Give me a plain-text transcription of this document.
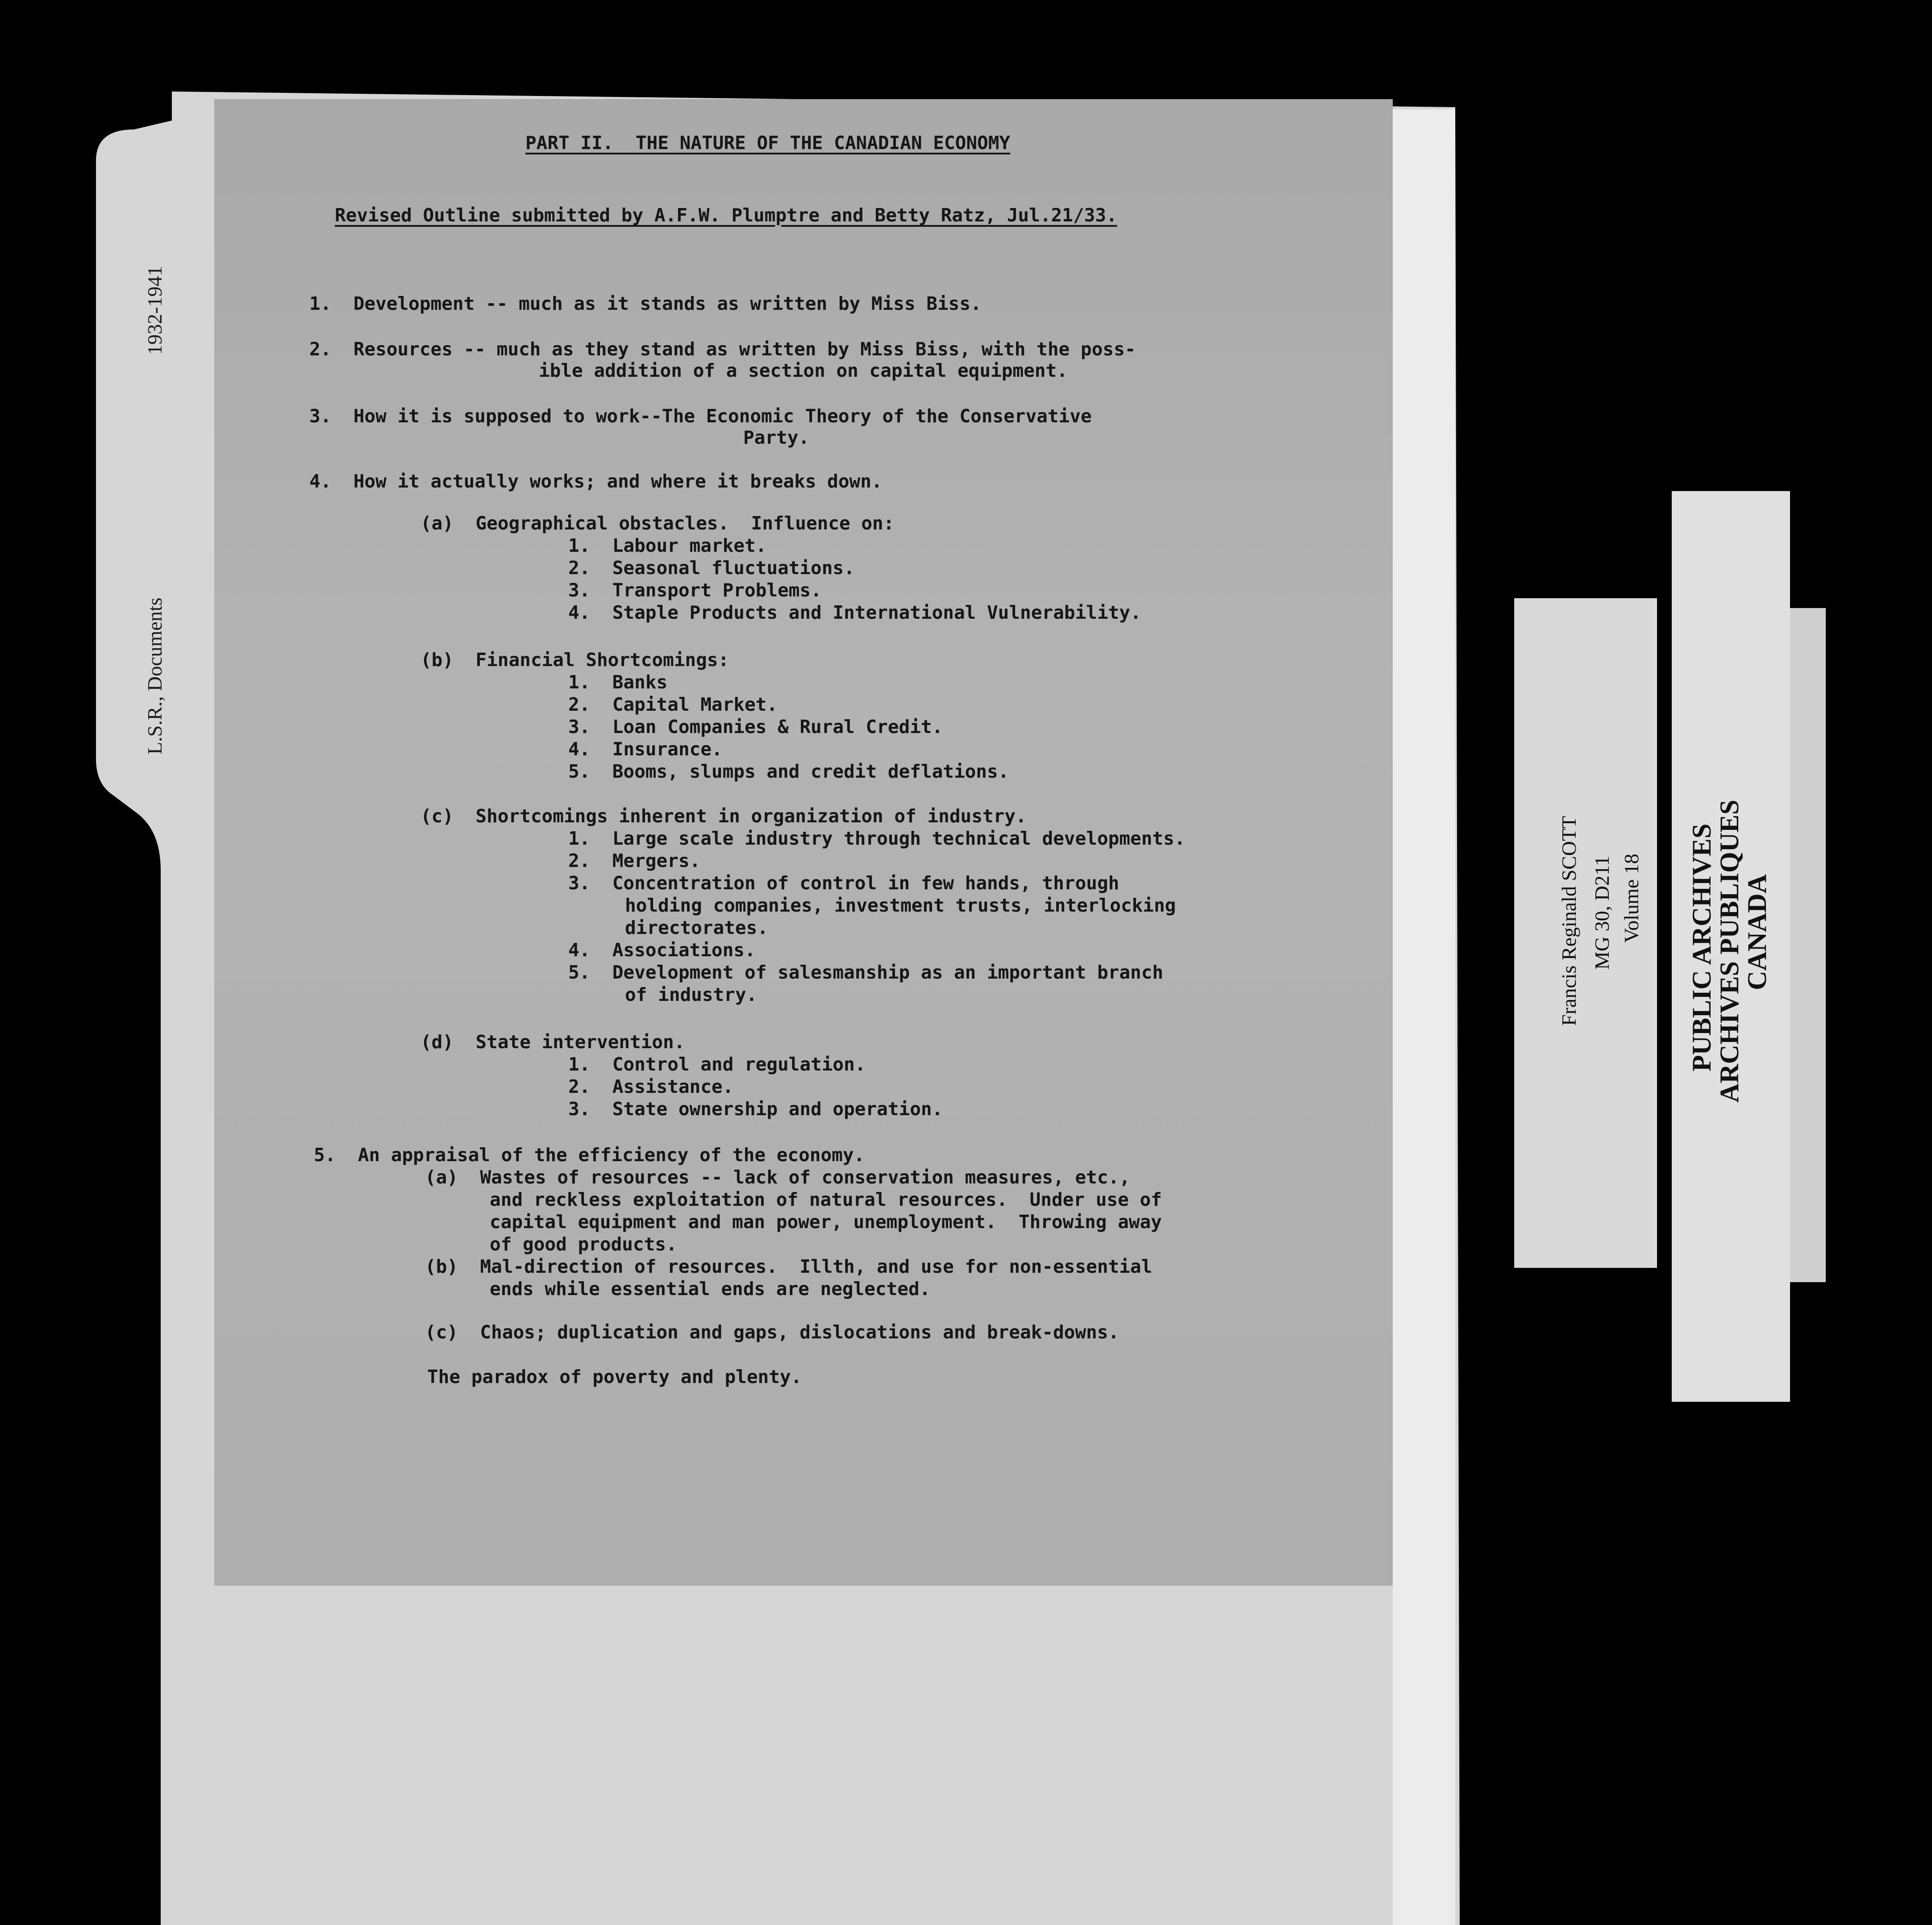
1932-1941
L.S.R., Documents
PART II.  THE NATURE OF THE CANADIAN ECONOMY
Revised Outline submitted by A.F.W. Plumptre and Betty Ratz, Jul.21/33.
1.  Development -- much as it stands as written by Miss Biss.
2.  Resources -- much as they stand as written by Miss Biss, with the poss-
ible addition of a section on capital equipment.
3.  How it is supposed to work--The Economic Theory of the Conservative
Party.
4.  How it actually works; and where it breaks down.
(a)  Geographical obstacles.  Influence on:
1.  Labour market.
2.  Seasonal fluctuations.
3.  Transport Problems.
4.  Staple Products and International Vulnerability.
(b)  Financial Shortcomings:
1.  Banks
2.  Capital Market.
3.  Loan Companies & Rural Credit.
4.  Insurance.
5.  Booms, slumps and credit deflations.
(c)  Shortcomings inherent in organization of industry.
1.  Large scale industry through technical developments.
2.  Mergers.
3.  Concentration of control in few hands, through
holding companies, investment trusts, interlocking
directorates.
4.  Associations.
5.  Development of salesmanship as an important branch
of industry.
(d)  State intervention.
1.  Control and regulation.
2.  Assistance.
3.  State ownership and operation.
5.  An appraisal of the efficiency of the economy.
(a)  Wastes of resources -- lack of conservation measures, etc.,
and reckless exploitation of natural resources.  Under use of
capital equipment and man power, unemployment.  Throwing away
of good products.
(b)  Mal-direction of resources.  Illth, and use for non-essential
ends while essential ends are neglected.
(c)  Chaos; duplication and gaps, dislocations and break-downs.
The paradox of poverty and plenty.
Francis Reginald SCOTT MG 30, D211 Volume 18 PUBLIC ARCHIVES
ARCHIVES PUBLIQUES
CANADA
